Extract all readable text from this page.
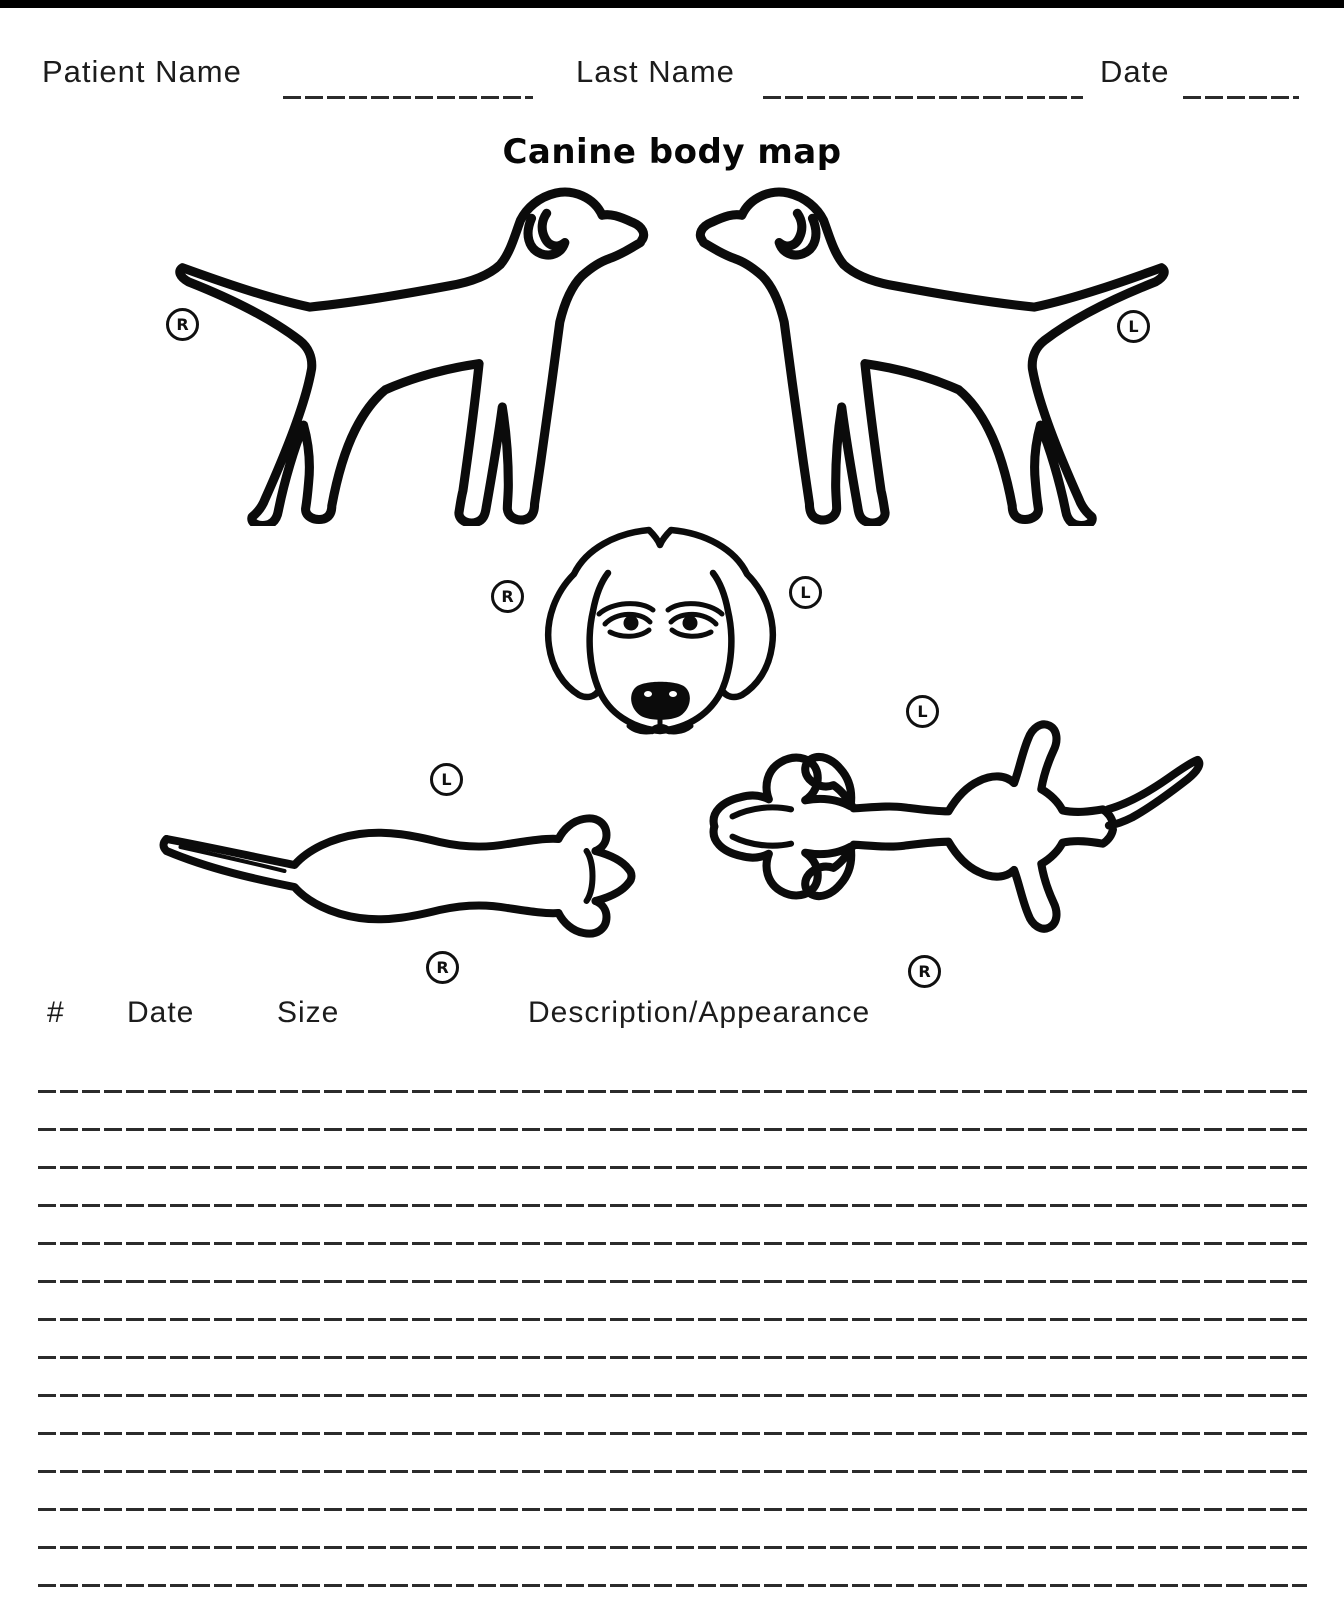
Patient Name	Last Name	Date
Canine body map
R	L
R	L
L
R
L
R
# Date	Size	Description/Appearance
